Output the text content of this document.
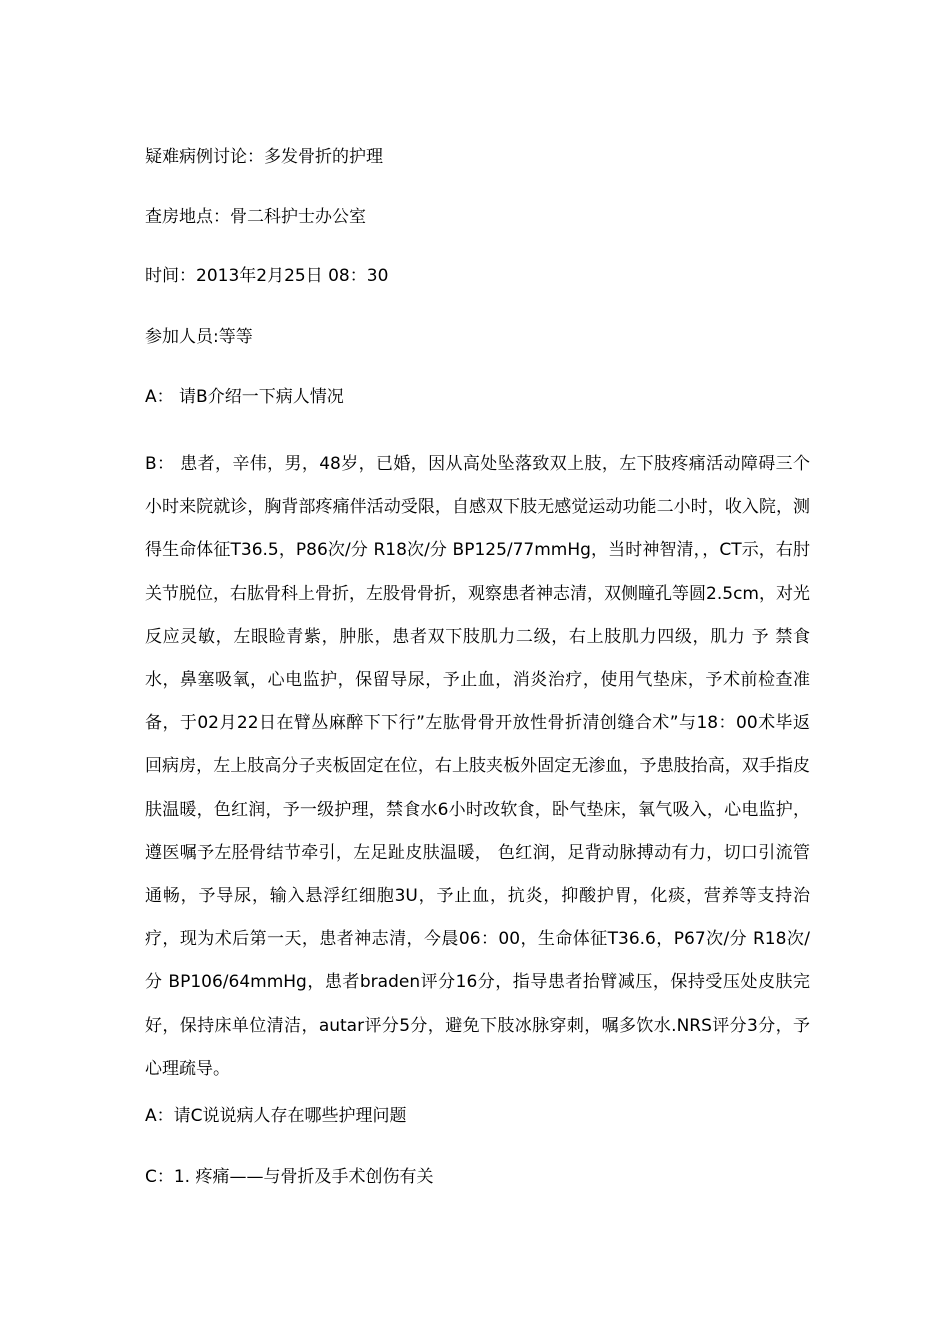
疑难病例讨论：多发骨折的护理
查房地点：骨二科护士办公室
时间：2013年2月25日 08：30
参加人员:等等
A： 请B介绍一下病人情况
B： 患者，辛伟，男，48岁，已婚，因从高处坠落致双上肢，左下肢疼痛活动障碍三个小时来院就诊，胸背部疼痛伴活动受限，自感双下肢无感觉运动功能二小时，收入院，测得生命体征T36.5，P86次/分 R18次/分 BP125/77mmHg，当时神智清，，CT示，右肘关节脱位，右肱骨科上骨折，左股骨骨折，观察患者神志清，双侧瞳孔等圆2.5cm，对光反应灵敏，左眼睑青紫，肿胀，患者双下肢肌力二级，右上肢肌力四级，肌力 予 禁食水，鼻塞吸氧，心电监护，保留导尿，予止血，消炎治疗，使用气垫床，予术前检查准备，于02月22日在臂丛麻醉下下行”左肱骨骨开放性骨折清创缝合术”与18：00术毕返回病房，左上肢高分子夹板固定在位，右上肢夹板外固定无渗血，予患肢抬高，双手指皮肤温暖，色红润，予一级护理，禁食水6小时改软食，卧气垫床，氧气吸入，心电监护，遵医嘱予左胫骨结节牵引，左足趾皮肤温暖， 色红润，足背动脉搏动有力，切口引流管通畅，予导尿，输入悬浮红细胞3U，予止血，抗炎，抑酸护胃，化痰，营养等支持治疗，现为术后第一天，患者神志清，今晨06：00，生命体征T36.6，P67次/分 R18次/分 BP106/64mmHg，患者braden评分16分，指导患者抬臂减压，保持受压处皮肤完好，保持床单位清洁，autar评分5分，避免下肢冰脉穿刺，嘱多饮水.NRS评分3分，予心理疏导。
A：请C说说病人存在哪些护理问题
C：1. 疼痛——与骨折及手术创伤有关
